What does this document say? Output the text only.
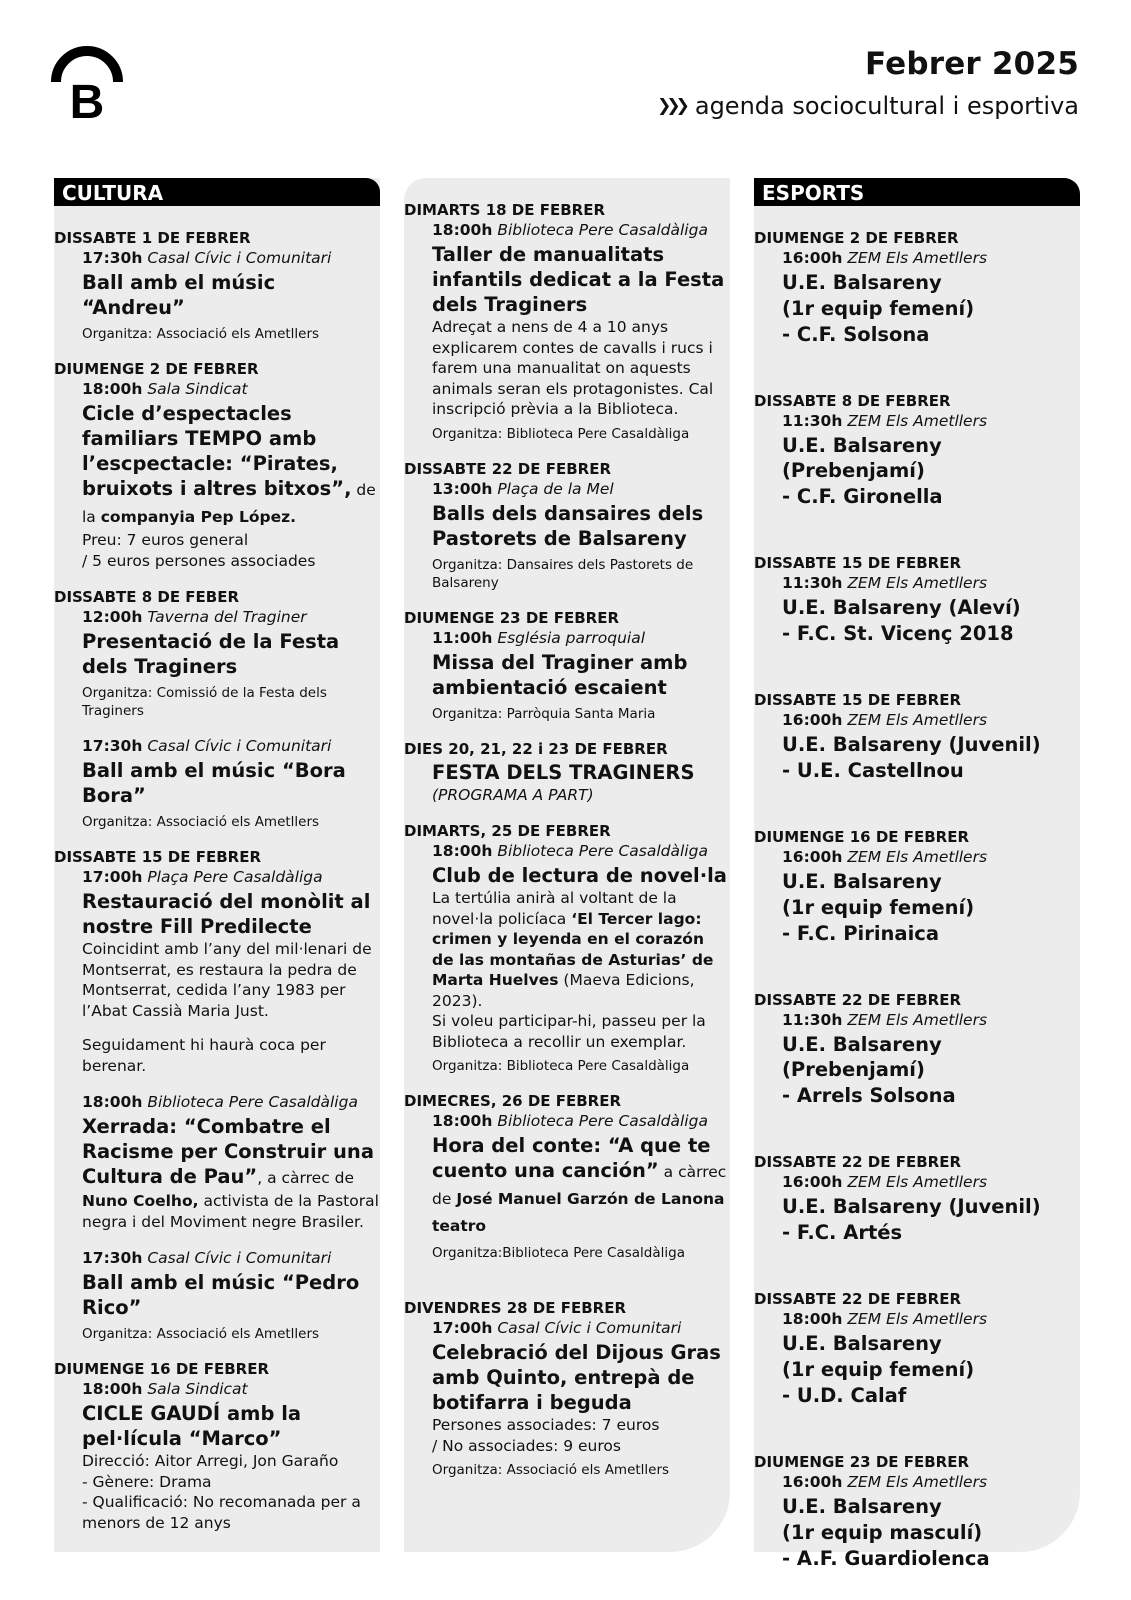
B
Febrer 2025
❯❯❯ agenda sociocultural i esportiva
CULTURA
DISSABTE 1 DE FEBRER
17:30h Casal Cívic i Comunitari
Ball amb el músic “Andreu”
Organitza: Associació els Ametllers
DIUMENGE 2 DE FEBRER
18:00h Sala Sindicat
Cicle d’espectacles familiars TEMPO amb l’escpectacle: “Pirates, bruixots i altres bitxos”, de la companyia Pep López.
Preu: 7 euros general
/ 5 euros persones associades
DISSABTE 8 DE FEBER
12:00h Taverna del Traginer
Presentació de la Festa dels Traginers
Organitza: Comissió de la Festa dels Traginers
17:30h Casal Cívic i Comunitari
Ball amb el músic “Bora Bora”
Organitza: Associació els Ametllers
DISSABTE 15 DE FEBRER
17:00h Plaça Pere Casaldàliga
Restauració del monòlit al nostre Fill Predilecte
Coincidint amb l’any del mil·lenari de Montserrat, es restaura la pedra de Montserrat, cedida l’any 1983 per l’Abat Cassià Maria Just.
Seguidament hi haurà coca per berenar.
18:00h Biblioteca Pere Casaldàliga
Xerrada: “Combatre el Racisme per Construir una Cultura de Pau”, a càrrec de
Nuno Coelho, activista de la Pastoral negra i del Moviment negre Brasiler.
17:30h Casal Cívic i Comunitari
Ball amb el músic “Pedro Rico”
Organitza: Associació els Ametllers
DIUMENGE 16 DE FEBRER
18:00h Sala Sindicat
CICLE GAUDÍ amb la pel·lícula “Marco”
Direcció: Aitor Arregi, Jon Garaño
- Gènere: Drama
- Qualificació: No recomanada per a menors de 12 anys
DIMARTS 18 DE FEBRER
18:00h Biblioteca Pere Casaldàliga
Taller de manualitats infantils dedicat a la Festa dels Traginers
Adreçat a nens de 4 a 10 anys explicarem contes de cavalls i rucs i farem una manualitat on aquests animals seran els protagonistes. Cal inscripció prèvia a la Biblioteca.
Organitza: Biblioteca Pere Casaldàliga
DISSABTE 22 DE FEBRER
13:00h Plaça de la Mel
Balls dels dansaires dels Pastorets de Balsareny
Organitza: Dansaires dels Pastorets de Balsareny
DIUMENGE 23 DE FEBRER
11:00h Església parroquial
Missa del Traginer amb ambientació escaient
Organitza: Parròquia Santa Maria
DIES 20, 21, 22 i 23 DE FEBRER
FESTA DELS TRAGINERS
(PROGRAMA A PART)
DIMARTS, 25 DE FEBRER
18:00h Biblioteca Pere Casaldàliga
Club de lectura de novel·la
La tertúlia anirà al voltant de la novel·la policíaca ‘El Tercer lago: crimen y leyenda en el corazón de las montañas de Asturias’ de Marta Huelves (Maeva Edicions, 2023).
Si voleu participar-hi, passeu per la Biblioteca a recollir un exemplar.
Organitza: Biblioteca Pere Casaldàliga
DIMECRES, 26 DE FEBRER
18:00h Biblioteca Pere Casaldàliga
Hora del conte: “A que te cuento una canción” a càrrec de José Manuel Garzón de Lanona teatro
Organitza:Biblioteca Pere Casaldàliga
DIVENDRES 28 DE FEBRER
17:00h Casal Cívic i Comunitari
Celebració del Dijous Gras amb Quinto, entrepà de botifarra i beguda
Persones associades: 7 euros
/ No associades: 9 euros
Organitza: Associació els Ametllers
ESPORTS
DIUMENGE 2 DE FEBRER
16:00h ZEM Els Ametllers
U.E. Balsareny
(1r equip femení)
- C.F. Solsona
DISSABTE 8 DE FEBRER
11:30h ZEM Els Ametllers
U.E. Balsareny (Prebenjamí)
- C.F. Gironella
DISSABTE 15 DE FEBRER
11:30h ZEM Els Ametllers
U.E. Balsareny (Aleví)
- F.C. St. Vicenç 2018
DISSABTE 15 DE FEBRER
16:00h ZEM Els Ametllers
U.E. Balsareny (Juvenil)
- U.E. Castellnou
DIUMENGE 16 DE FEBRER
16:00h ZEM Els Ametllers
U.E. Balsareny
(1r equip femení)
- F.C. Pirinaica
DISSABTE 22 DE FEBRER
11:30h ZEM Els Ametllers
U.E. Balsareny (Prebenjamí)
- Arrels Solsona
DISSABTE 22 DE FEBRER
16:00h ZEM Els Ametllers
U.E. Balsareny (Juvenil)
- F.C. Artés
DISSABTE 22 DE FEBRER
18:00h ZEM Els Ametllers
U.E. Balsareny
(1r equip femení)
- U.D. Calaf
DIUMENGE 23 DE FEBRER
16:00h ZEM Els Ametllers
U.E. Balsareny
(1r equip masculí)
- A.F. Guardiolenca
